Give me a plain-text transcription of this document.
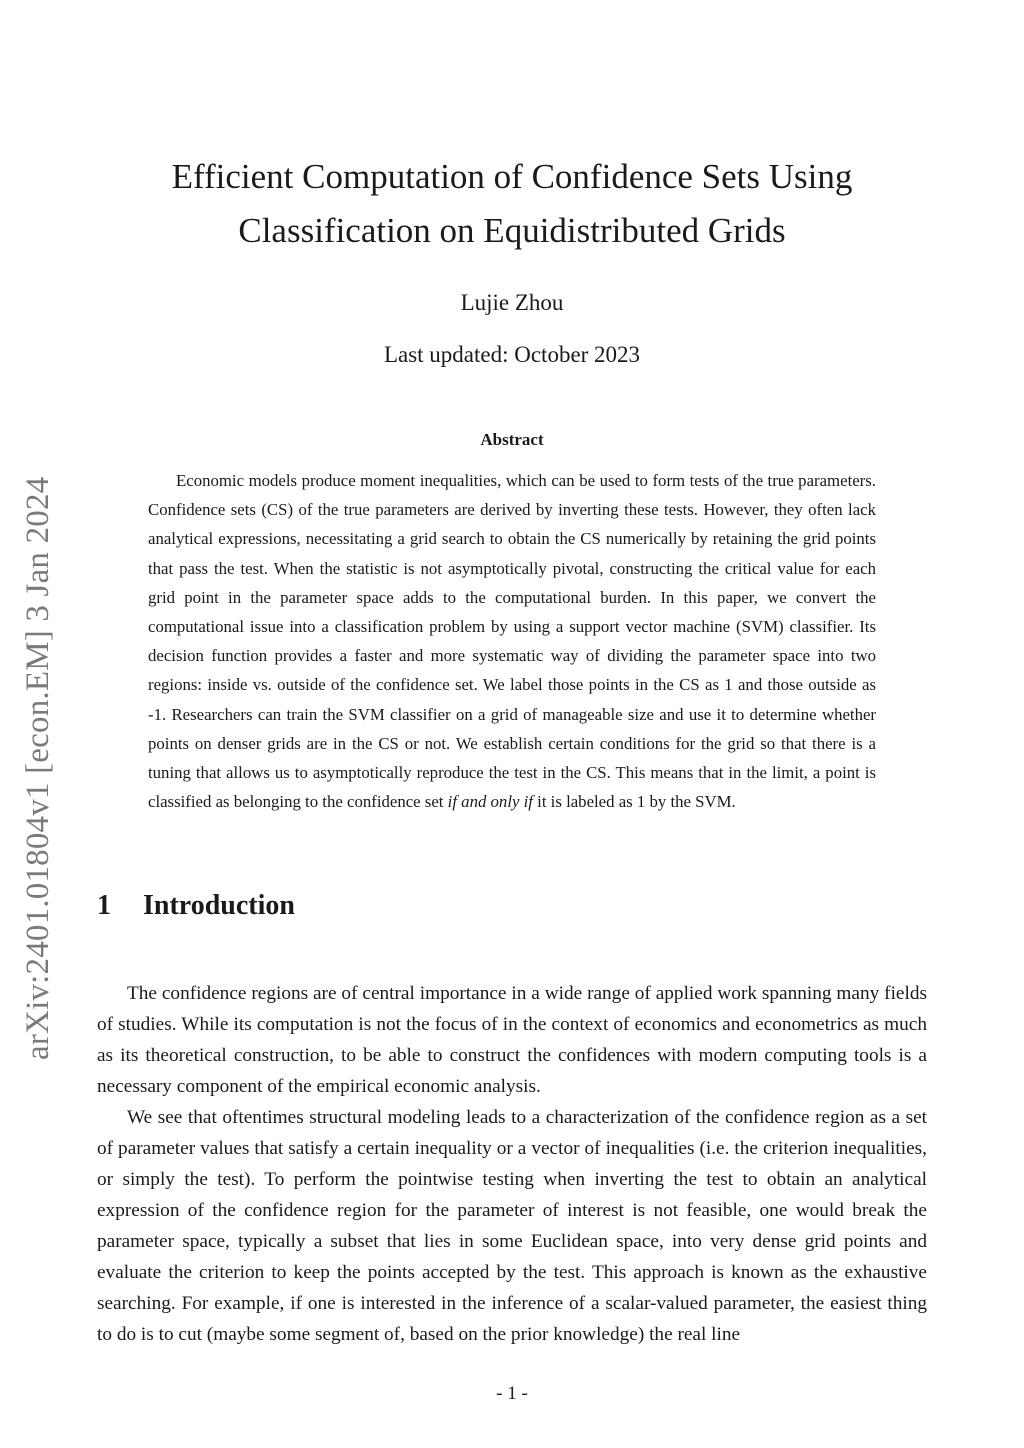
arXiv:2401.01804v1 [econ.EM] 3 Jan 2024
Efficient Computation of Confidence Sets Using
Classification on Equidistributed Grids
Lujie Zhou
Last updated: October 2023
Abstract

Economic models produce moment inequalities, which can be used to form tests of the true parameters. Confidence sets (CS) of the true parameters are derived by inverting these tests. However, they often lack analytical expressions, necessitating a grid search to obtain the CS numerically by retaining the grid points that pass the test. When the statistic is not asymptotically pivotal, constructing the critical value for each grid point in the parameter space adds to the computational burden. In this paper, we convert the computational issue into a classification problem by using a support vector machine (SVM) classifier. Its decision function provides a faster and more systematic way of dividing the parameter space into two regions: inside vs. outside of the confidence set. We label those points in the CS as 1 and those outside as -1. Researchers can train the SVM classifier on a grid of manageable size and use it to determine whether points on denser grids are in the CS or not. We establish certain conditions for the grid so that there is a tuning that allows us to asymptotically reproduce the test in the CS. This means that in the limit, a point is classified as belonging to the confidence set if and only if it is labeled as 1 by the SVM.

1 Introduction

The confidence regions are of central importance in a wide range of applied work spanning many fields of studies. While its computation is not the focus of in the context of economics and econometrics as much as its theoretical construction, to be able to construct the confidences with modern computing tools is a necessary component of the empirical economic analysis.

We see that oftentimes structural modeling leads to a characterization of the confidence region as a set of parameter values that satisfy a certain inequality or a vector of inequalities (i.e. the criterion inequalities, or simply the test). To perform the pointwise testing when inverting the test to obtain an analytical expression of the confidence region for the parameter of interest is not feasible, one would break the parameter space, typically a subset that lies in some Euclidean space, into very dense grid points and evaluate the criterion to keep the points accepted by the test. This approach is known as the exhaustive searching. For example, if one is interested in the inference of a scalar-valued parameter, the easiest thing to do is to cut (maybe some segment of, based on the prior knowledge) the real line

- 1 -
